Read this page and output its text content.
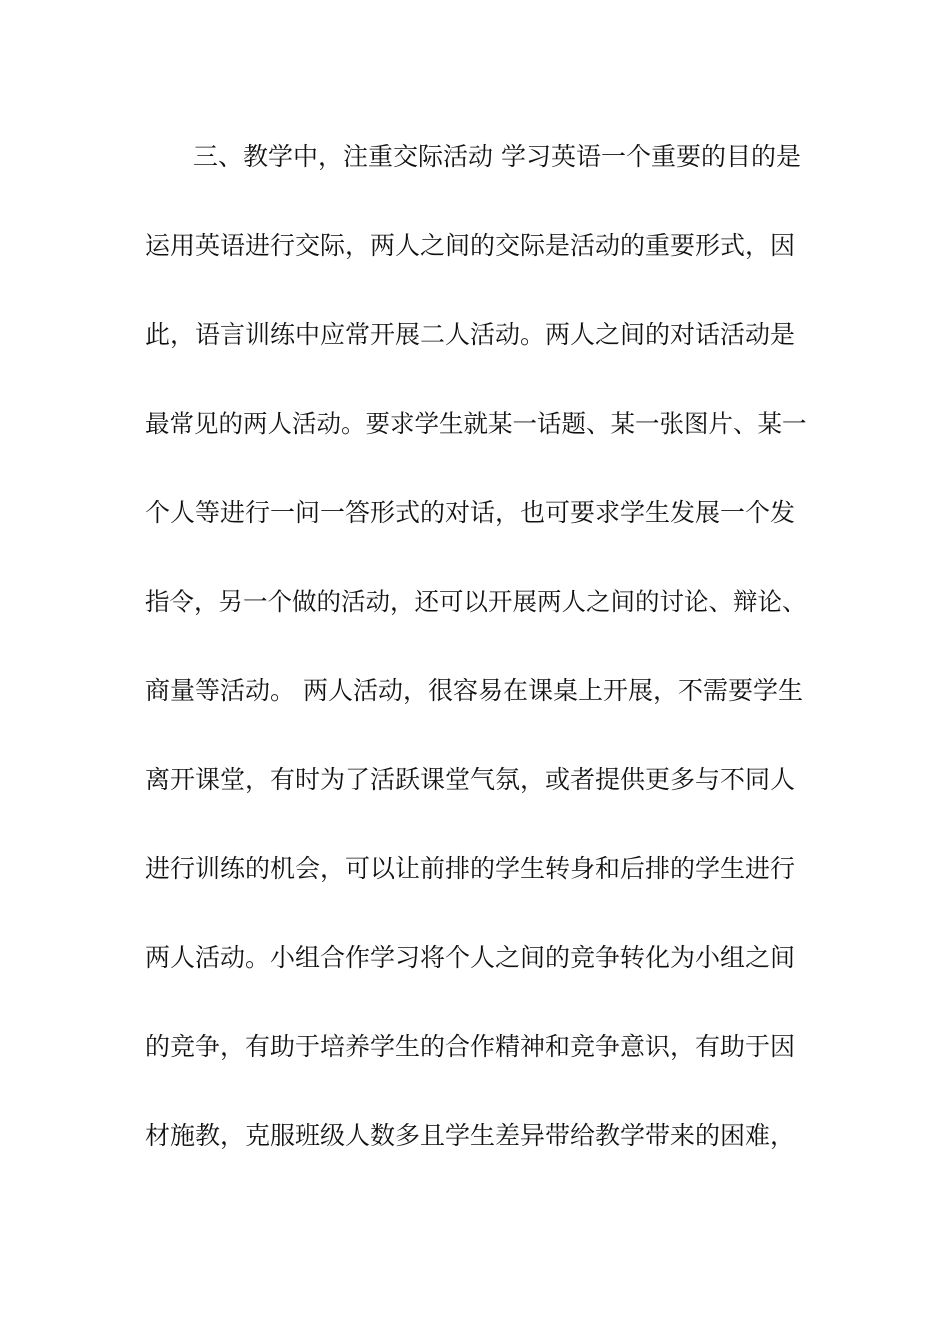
三、教学中，注重交际活动 学习英语一个重要的目的是
运用英语进行交际，两人之间的交际是活动的重要形式，因
此，语言训练中应常开展二人活动。两人之间的对话活动是
最常见的两人活动。要求学生就某一话题、某一张图片、某一
个人等进行一问一答形式的对话，也可要求学生发展一个发
指令，另一个做的活动，还可以开展两人之间的讨论、辩论、
商量等活动。 两人活动，很容易在课桌上开展，不需要学生
离开课堂，有时为了活跃课堂气氛，或者提供更多与不同人
进行训练的机会，可以让前排的学生转身和后排的学生进行
两人活动。小组合作学习将个人之间的竞争转化为小组之间
的竞争，有助于培养学生的合作精神和竞争意识，有助于因
材施教，克服班级人数多且学生差异带给教学带来的困难，
